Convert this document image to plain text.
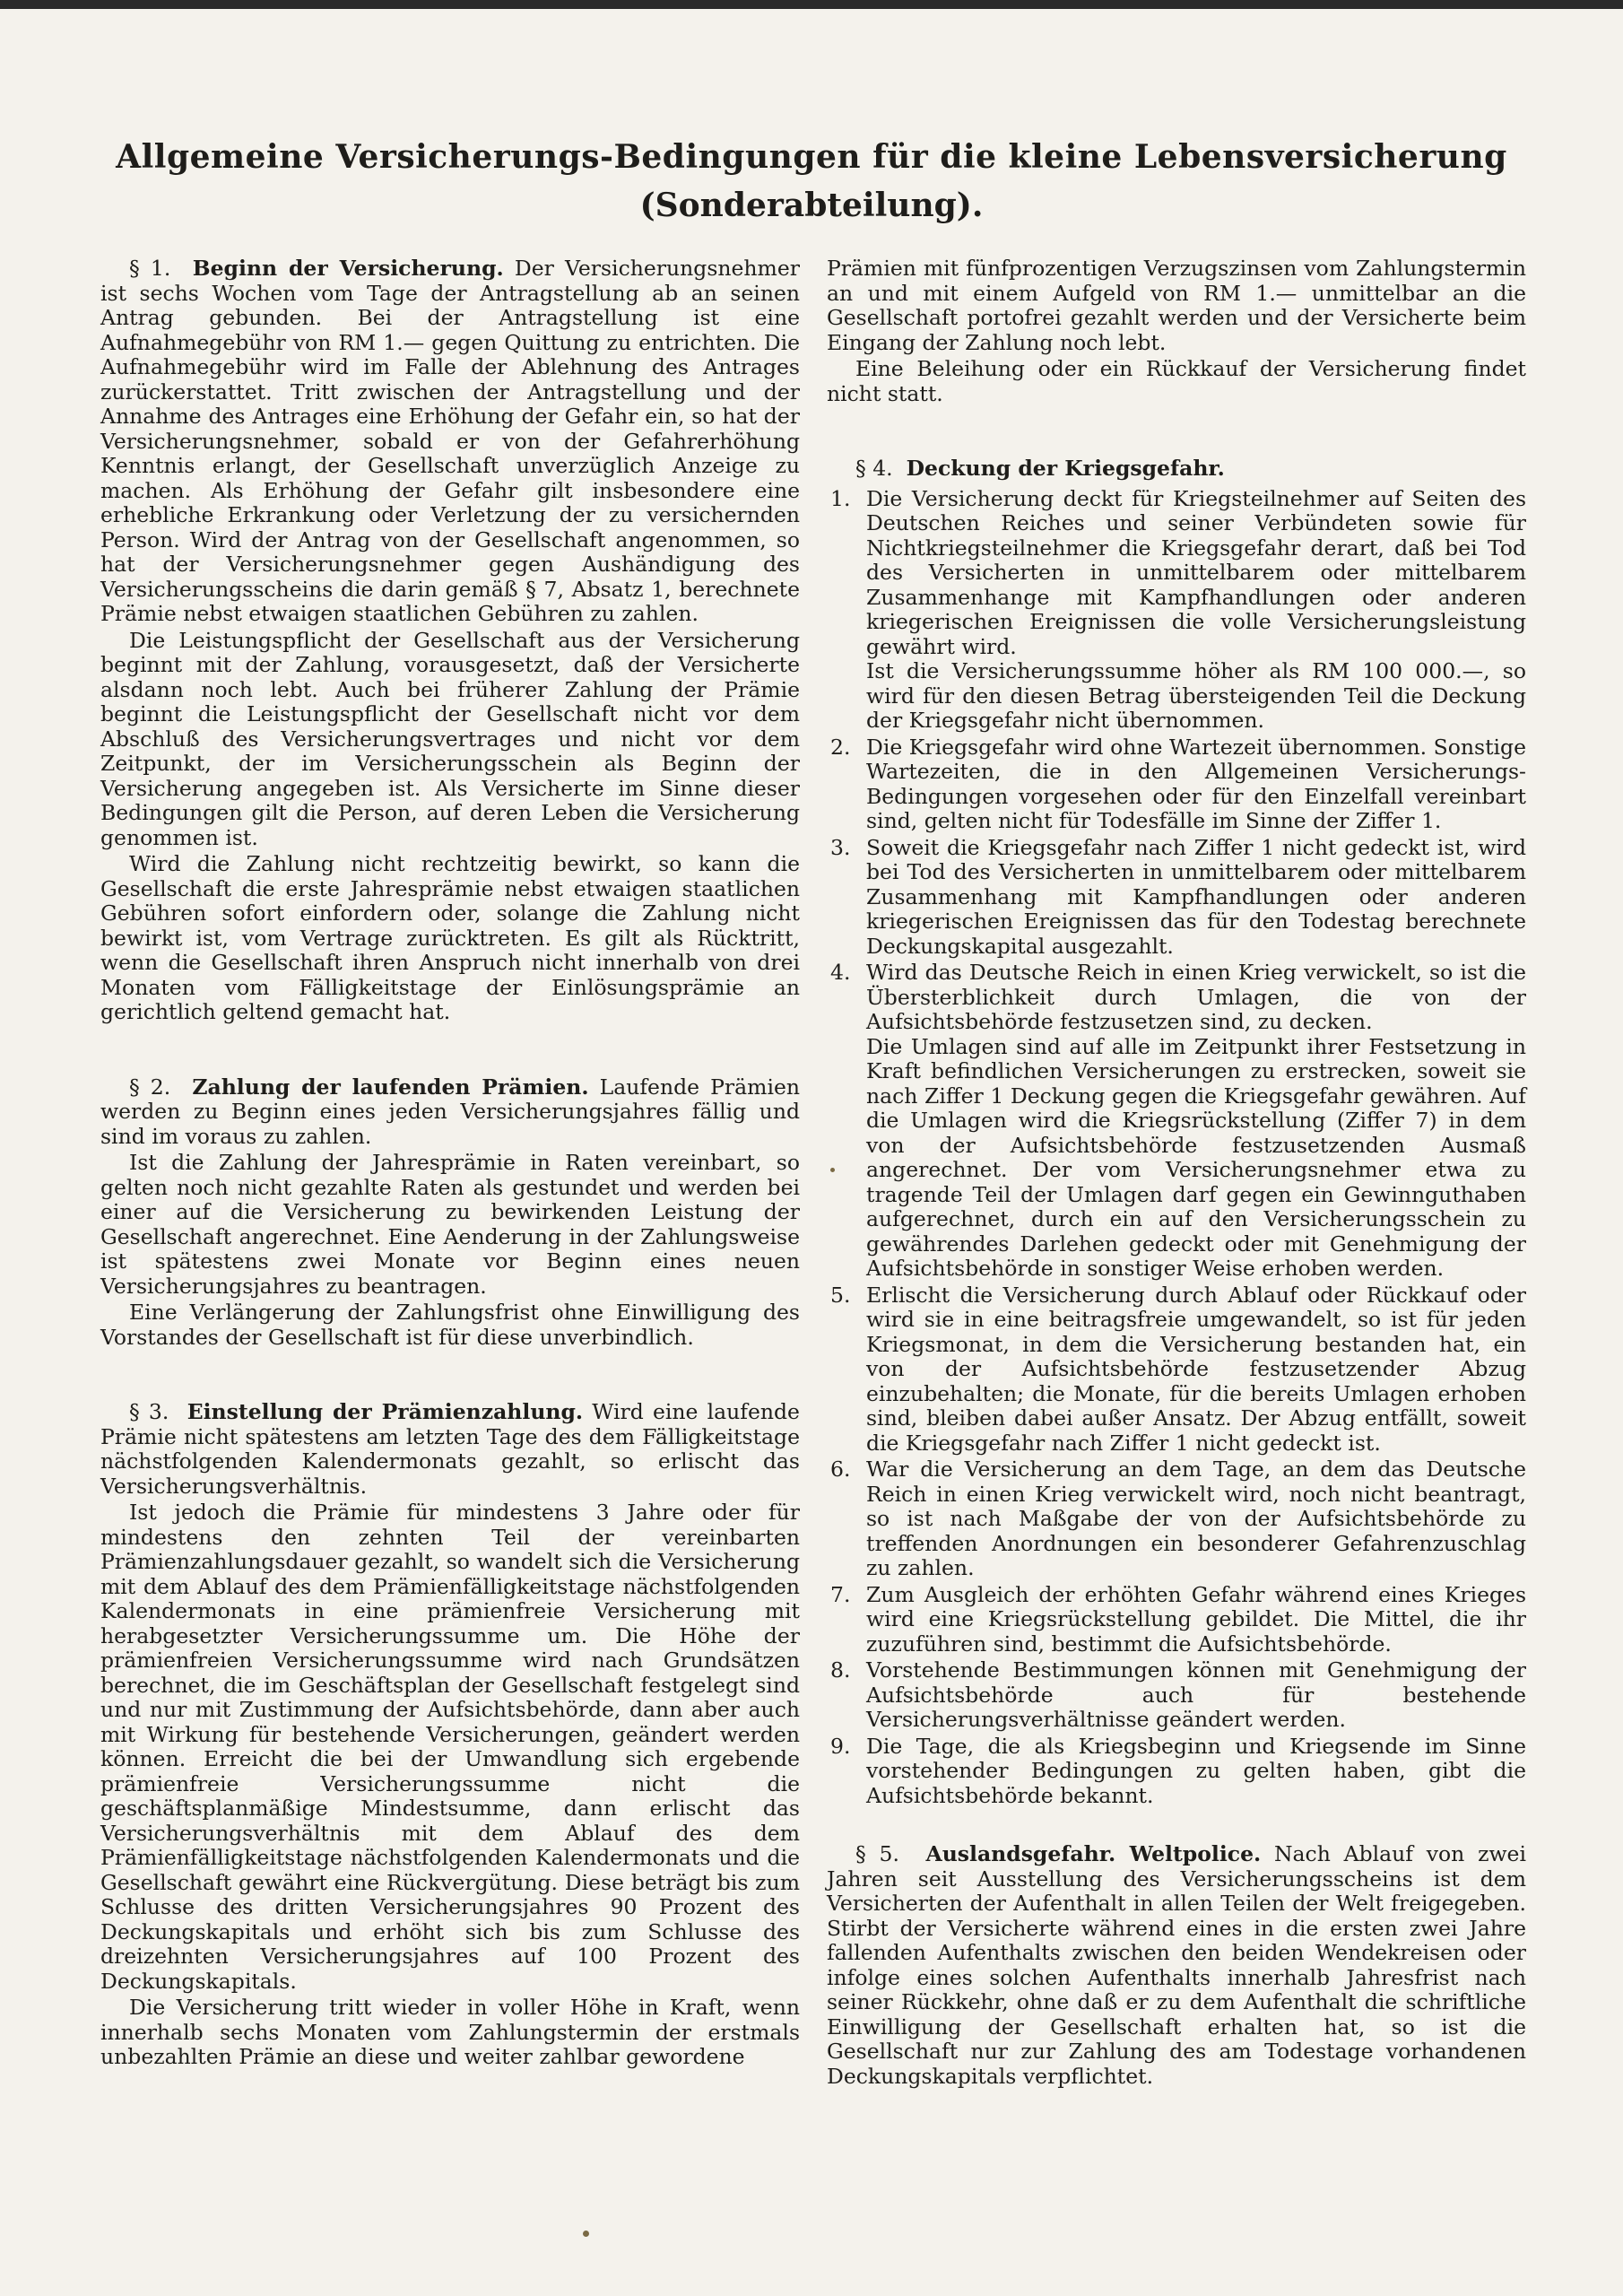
Allgemeine Versicherungs-Bedingungen für die kleine Lebensversicherung
(Sonderabteilung).

§ 1. Beginn der Versicherung. Der Versicherungsnehmer ist sechs Wochen vom Tage der Antragstellung ab an seinen Antrag gebunden. Bei der Antragstellung ist eine Aufnahmegebühr von RM 1.— gegen Quittung zu entrichten. Die Aufnahmegebühr wird im Falle der Ablehnung des Antrages zurückerstattet. Tritt zwischen der Antragstellung und der Annahme des Antrages eine Erhöhung der Gefahr ein, so hat der Versicherungsnehmer, sobald er von der Gefahrerhöhung Kenntnis erlangt, der Gesellschaft unverzüglich Anzeige zu machen. Als Erhöhung der Gefahr gilt insbesondere eine erhebliche Erkrankung oder Verletzung der zu versichernden Person. Wird der Antrag von der Gesellschaft angenommen, so hat der Versicherungsnehmer gegen Aushändigung des Versicherungsscheins die darin gemäß § 7, Absatz 1, berechnete Prämie nebst etwaigen staatlichen Gebühren zu zahlen.

Die Leistungspflicht der Gesellschaft aus der Versicherung beginnt mit der Zahlung, vorausgesetzt, daß der Versicherte alsdann noch lebt. Auch bei früherer Zahlung der Prämie beginnt die Leistungspflicht der Gesellschaft nicht vor dem Abschluß des Versicherungsvertrages und nicht vor dem Zeitpunkt, der im Versicherungsschein als Beginn der Versicherung angegeben ist. Als Versicherte im Sinne dieser Bedingungen gilt die Person, auf deren Leben die Versicherung genommen ist.

Wird die Zahlung nicht rechtzeitig bewirkt, so kann die Gesellschaft die erste Jahresprämie nebst etwaigen staatlichen Gebühren sofort einfordern oder, solange die Zahlung nicht bewirkt ist, vom Vertrage zurücktreten. Es gilt als Rücktritt, wenn die Gesellschaft ihren Anspruch nicht innerhalb von drei Monaten vom Fälligkeitstage der Einlösungsprämie an gerichtlich geltend gemacht hat.

§ 2. Zahlung der laufenden Prämien. Laufende Prämien werden zu Beginn eines jeden Versicherungsjahres fällig und sind im voraus zu zahlen.

Ist die Zahlung der Jahresprämie in Raten vereinbart, so gelten noch nicht gezahlte Raten als gestundet und werden bei einer auf die Versicherung zu bewirkenden Leistung der Gesellschaft angerechnet. Eine Aenderung in der Zahlungsweise ist spätestens zwei Monate vor Beginn eines neuen Versicherungsjahres zu beantragen.

Eine Verlängerung der Zahlungsfrist ohne Einwilligung des Vorstandes der Gesellschaft ist für diese unverbindlich.

§ 3. Einstellung der Prämienzahlung. Wird eine laufende Prämie nicht spätestens am letzten Tage des dem Fälligkeitstage nächstfolgenden Kalendermonats gezahlt, so erlischt das Versicherungsverhältnis.

Ist jedoch die Prämie für mindestens 3 Jahre oder für mindestens den zehnten Teil der vereinbarten Prämienzahlungsdauer gezahlt, so wandelt sich die Versicherung mit dem Ablauf des dem Prämienfälligkeitstage nächstfolgenden Kalendermonats in eine prämienfreie Versicherung mit herabgesetzter Versicherungssumme um. Die Höhe der prämienfreien Versicherungssumme wird nach Grundsätzen berechnet, die im Geschäftsplan der Gesellschaft festgelegt sind und nur mit Zustimmung der Aufsichtsbehörde, dann aber auch mit Wirkung für bestehende Versicherungen, geändert werden können. Erreicht die bei der Umwandlung sich ergebende prämienfreie Versicherungssumme nicht die geschäftsplanmäßige Mindestsumme, dann erlischt das Versicherungsverhältnis mit dem Ablauf des dem Prämienfälligkeitstage nächstfolgenden Kalendermonats und die Gesellschaft gewährt eine Rückvergütung. Diese beträgt bis zum Schlusse des dritten Versicherungsjahres 90 Prozent des Deckungskapitals und erhöht sich bis zum Schlusse des dreizehnten Versicherungsjahres auf 100 Prozent des Deckungskapitals.

Die Versicherung tritt wieder in voller Höhe in Kraft, wenn innerhalb sechs Monaten vom Zahlungstermin der erstmals unbezahlten Prämie an diese und weiter zahlbar gewordene

Prämien mit fünfprozentigen Verzugszinsen vom Zahlungstermin an und mit einem Aufgeld von RM 1.— unmittelbar an die Gesellschaft portofrei gezahlt werden und der Versicherte beim Eingang der Zahlung noch lebt.

Eine Beleihung oder ein Rückkauf der Versicherung findet nicht statt.

§ 4. Deckung der Kriegsgefahr.

1. Die Versicherung deckt für Kriegsteilnehmer auf Seiten des Deutschen Reiches und seiner Verbündeten sowie für Nichtkriegsteilnehmer die Kriegsgefahr derart, daß bei Tod des Versicherten in unmittelbarem oder mittelbarem Zusammenhange mit Kampfhandlungen oder anderen kriegerischen Ereignissen die volle Versicherungsleistung gewährt wird.
Ist die Versicherungssumme höher als RM 100 000.—, so wird für den diesen Betrag übersteigenden Teil die Deckung der Kriegsgefahr nicht übernommen.
2. Die Kriegsgefahr wird ohne Wartezeit übernommen. Sonstige Wartezeiten, die in den Allgemeinen Versicherungs-Bedingungen vorgesehen oder für den Einzelfall vereinbart sind, gelten nicht für Todesfälle im Sinne der Ziffer 1.
3. Soweit die Kriegsgefahr nach Ziffer 1 nicht gedeckt ist, wird bei Tod des Versicherten in unmittelbarem oder mittelbarem Zusammenhang mit Kampfhandlungen oder anderen kriegerischen Ereignissen das für den Todestag berechnete Deckungskapital ausgezahlt.
4. Wird das Deutsche Reich in einen Krieg verwickelt, so ist die Übersterblichkeit durch Umlagen, die von der Aufsichtsbehörde festzusetzen sind, zu decken.
Die Umlagen sind auf alle im Zeitpunkt ihrer Festsetzung in Kraft befindlichen Versicherungen zu erstrecken, soweit sie nach Ziffer 1 Deckung gegen die Kriegsgefahr gewähren. Auf die Umlagen wird die Kriegsrückstellung (Ziffer 7) in dem von der Aufsichtsbehörde festzusetzenden Ausmaß angerechnet. Der vom Versicherungsnehmer etwa zu tragende Teil der Umlagen darf gegen ein Gewinnguthaben aufgerechnet, durch ein auf den Versicherungsschein zu gewährendes Darlehen gedeckt oder mit Genehmigung der Aufsichtsbehörde in sonstiger Weise erhoben werden.
5. Erlischt die Versicherung durch Ablauf oder Rückkauf oder wird sie in eine beitragsfreie umgewandelt, so ist für jeden Kriegsmonat, in dem die Versicherung bestanden hat, ein von der Aufsichtsbehörde festzusetzender Abzug einzubehalten; die Monate, für die bereits Umlagen erhoben sind, bleiben dabei außer Ansatz. Der Abzug entfällt, soweit die Kriegsgefahr nach Ziffer 1 nicht gedeckt ist.
6. War die Versicherung an dem Tage, an dem das Deutsche Reich in einen Krieg verwickelt wird, noch nicht beantragt, so ist nach Maßgabe der von der Aufsichtsbehörde zu treffenden Anordnungen ein besonderer Gefahrenzuschlag zu zahlen.
7. Zum Ausgleich der erhöhten Gefahr während eines Krieges wird eine Kriegsrückstellung gebildet. Die Mittel, die ihr zuzuführen sind, bestimmt die Aufsichtsbehörde.
8. Vorstehende Bestimmungen können mit Genehmigung der Aufsichtsbehörde auch für bestehende Versicherungsverhältnisse geändert werden.
9. Die Tage, die als Kriegsbeginn und Kriegsende im Sinne vorstehender Bedingungen zu gelten haben, gibt die Aufsichtsbehörde bekannt.

§ 5. Auslandsgefahr. Weltpolice. Nach Ablauf von zwei Jahren seit Ausstellung des Versicherungsscheins ist dem Versicherten der Aufenthalt in allen Teilen der Welt freigegeben. Stirbt der Versicherte während eines in die ersten zwei Jahre fallenden Aufenthalts zwischen den beiden Wendekreisen oder infolge eines solchen Aufenthalts innerhalb Jahresfrist nach seiner Rückkehr, ohne daß er zu dem Aufenthalt die schriftliche Einwilligung der Gesellschaft erhalten hat, so ist die Gesellschaft nur zur Zahlung des am Todestage vorhandenen Deckungskapitals verpflichtet.
